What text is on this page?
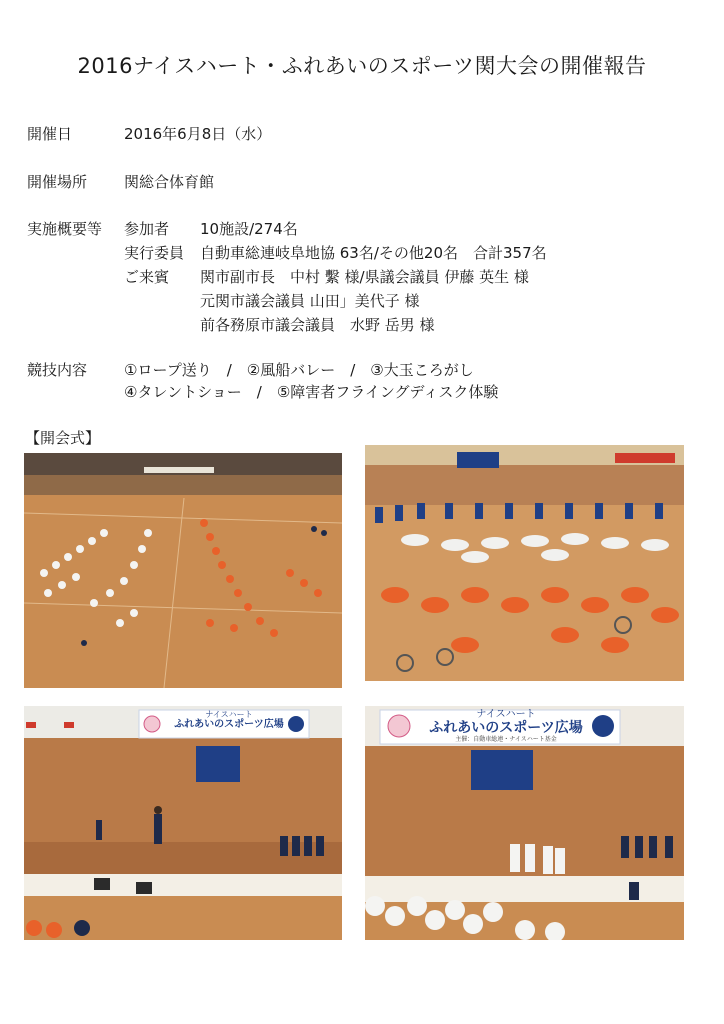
2016ナイスハート・ふれあいのスポーツ関大会の開催報告
開催日	2016年6月8日（水）
開催場所	関総合体育館
実施概要等	参加者 10施設/274名
実行委員 自動車総連岐阜地協 63名/その他20名　合計357名
ご来賓 関市副市長　中村 繫 様/県議会議員 伊藤 英生 様
元関市議会議員 山田」美代子 様
前各務原市議会議員　水野 岳男 様
競技内容	①ロープ送り　/　②風船バレー　/　③大玉ころがし
④タレントショー　/　⑤障害者フライングディスク体験
【開会式】
ナイスハート
ふれあいのスポーツ広場
ナイスハート
ふれあいのスポーツ広場
主催：自動車総連・ナイスハート基金
